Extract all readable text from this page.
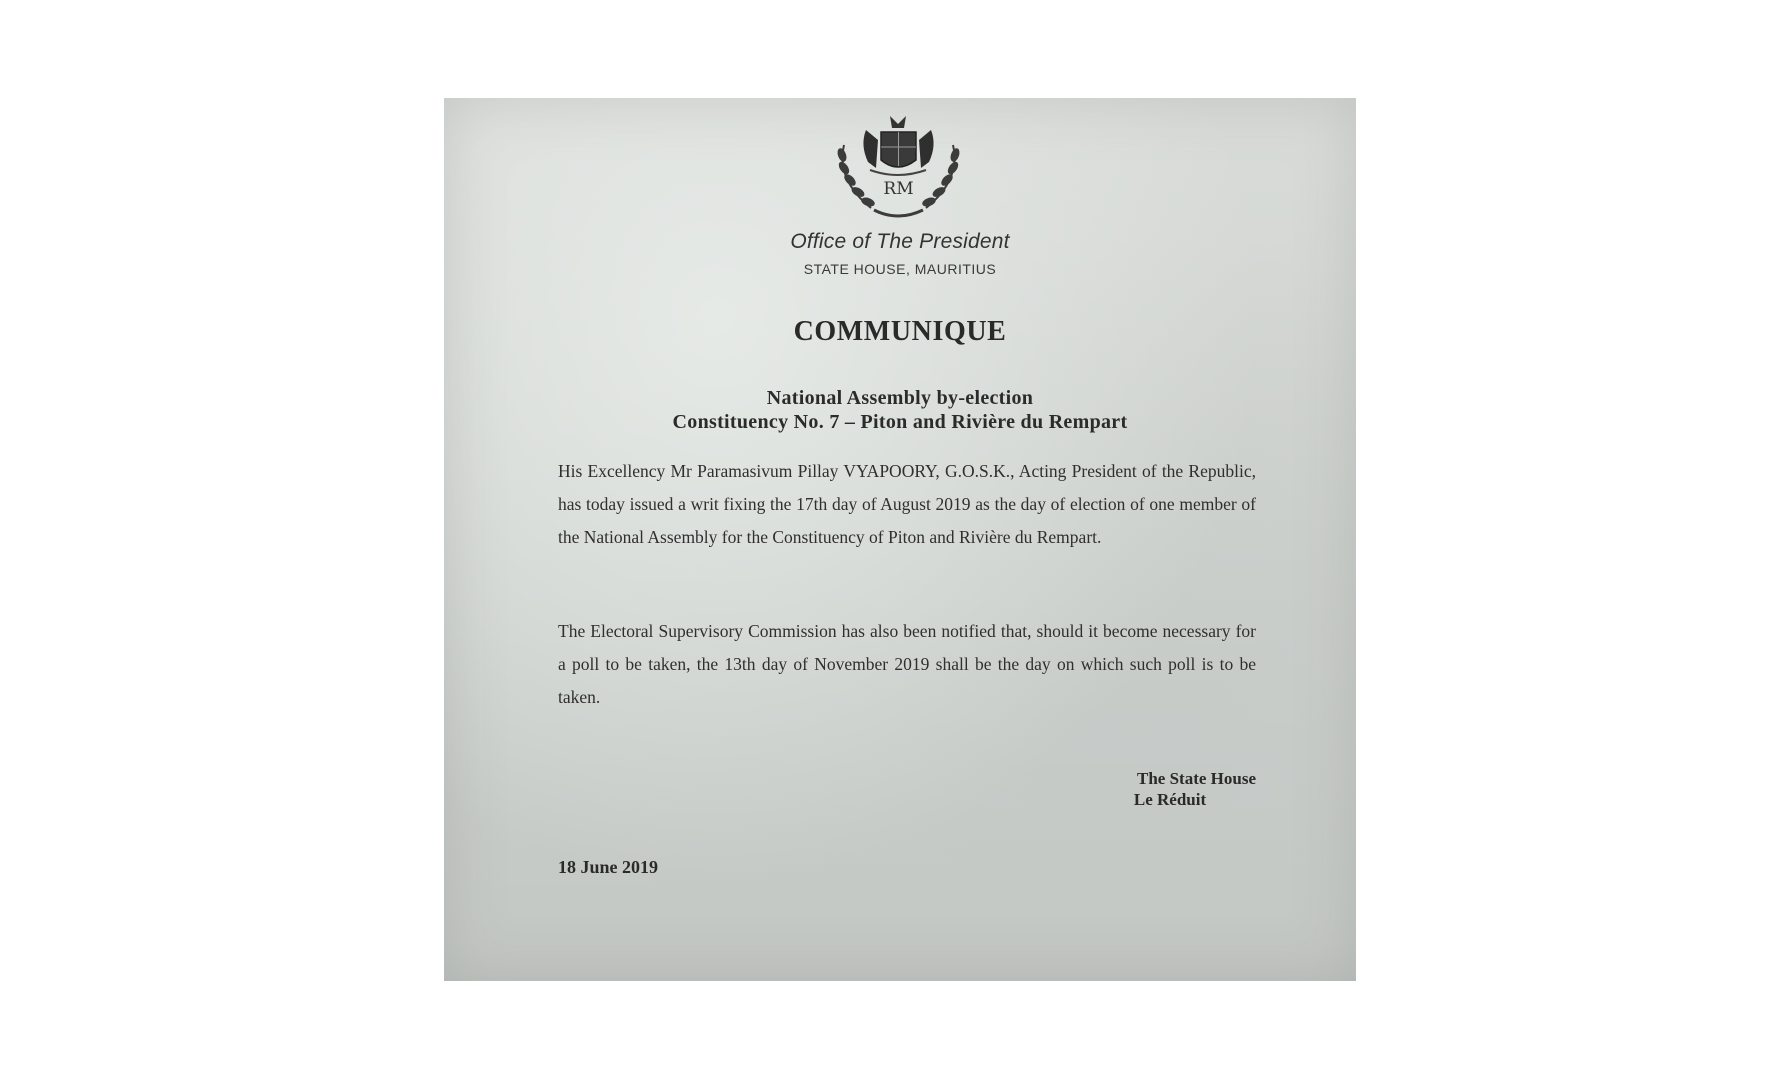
RM
Office of The President
STATE HOUSE, MAURITIUS
COMMUNIQUE
National Assembly by-election
Constituency No. 7 – Piton and Rivière du Rempart
His Excellency Mr Paramasivum Pillay VYAPOORY, G.O.S.K., Acting President of the Republic, has today issued a writ fixing the 17th day of August 2019 as the day of election of one member of the National Assembly for the Constituency of Piton and Rivière du Rempart.
The Electoral Supervisory Commission has also been notified that, should it become necessary for a poll to be taken, the 13th day of November 2019 shall be the day on which such poll is to be taken.
The State House
Le Réduit
18 June 2019
